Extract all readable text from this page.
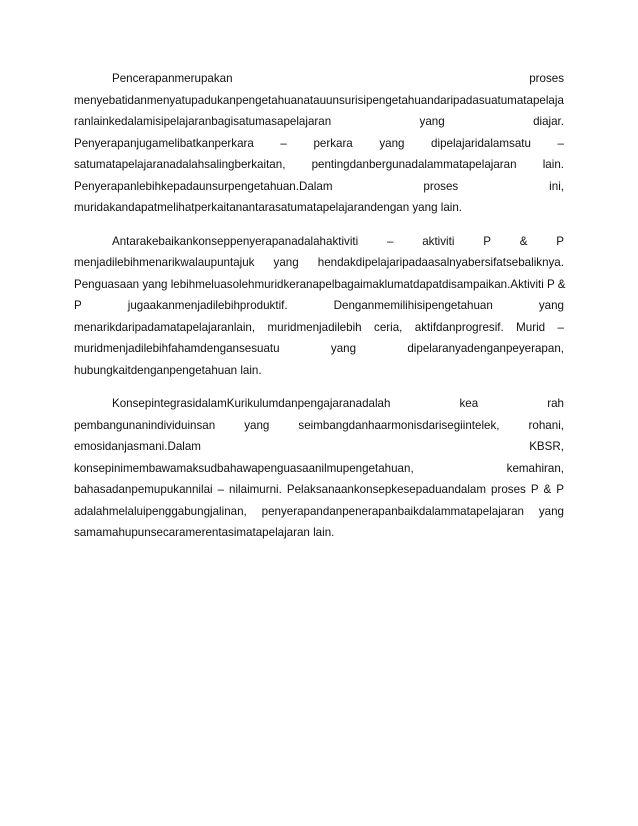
Pencerapanmerupakan	proses
menyebatidanmenyatupadukanpengetahuanatauunsurisipengetahuandaripadasuatumatapelaja
ranlainkedalamisipelajaranbagisatumasapelajaran	yang	diajar.
Penyerapanjugamelibatkanperkara – perkara yang dipelajaridalamsatu –
satumatapelajaranadalahsalingberkaitan, pentingdanbergunadalammatapelajaran lain.
Penyerapanlebihkepadaunsurpengetahuan.Dalam	proses	ini,
muridakandapatmelihatperkaitanantarasatumatapelajarandengan yang lain.
Antarakebaikankonseppenyerapanadalahaktiviti – aktiviti P & P
menjadilebihmenarikwalaupuntajuk yang hendakdipelajaripadaasalnyabersifatsebaliknya.
Penguasaan yang lebihmeluasolehmuridkeranapelbagaimaklumatdapatdisampaikan.Aktiviti P &
P	jugaakanmenjadilebihproduktif.	Denganmemilihisipengetahuan	yang
menarikdaripadamatapelajaranlain, muridmenjadilebih ceria, aktifdanprogresif. Murid –
muridmenjadilebihfahamdengansesuatu	yang	dipelaranyadenganpeyerapan,
hubungkaitdenganpengetahuan lain.
KonsepintegrasidalamKurikulumdanpengajaranadalah	kea	rah
pembangunanindividuinsan	yang	seimbangdanhaarmonisdarisegiintelek,	rohani,
emosidanjasmani.Dalam	KBSR,
konsepinimembawamaksudbahawapenguasaanilmupengetahuan,	kemahiran,
bahasadanpemupukannilai – nilaimurni. Pelaksanaankonsepkesepaduandalam proses P & P
adalahmelaluipenggabungjalinan, penyerapandanpenerapanbaikdalammatapelajaran yang
samamahupunsecaramerentasimatapelajaran lain.
